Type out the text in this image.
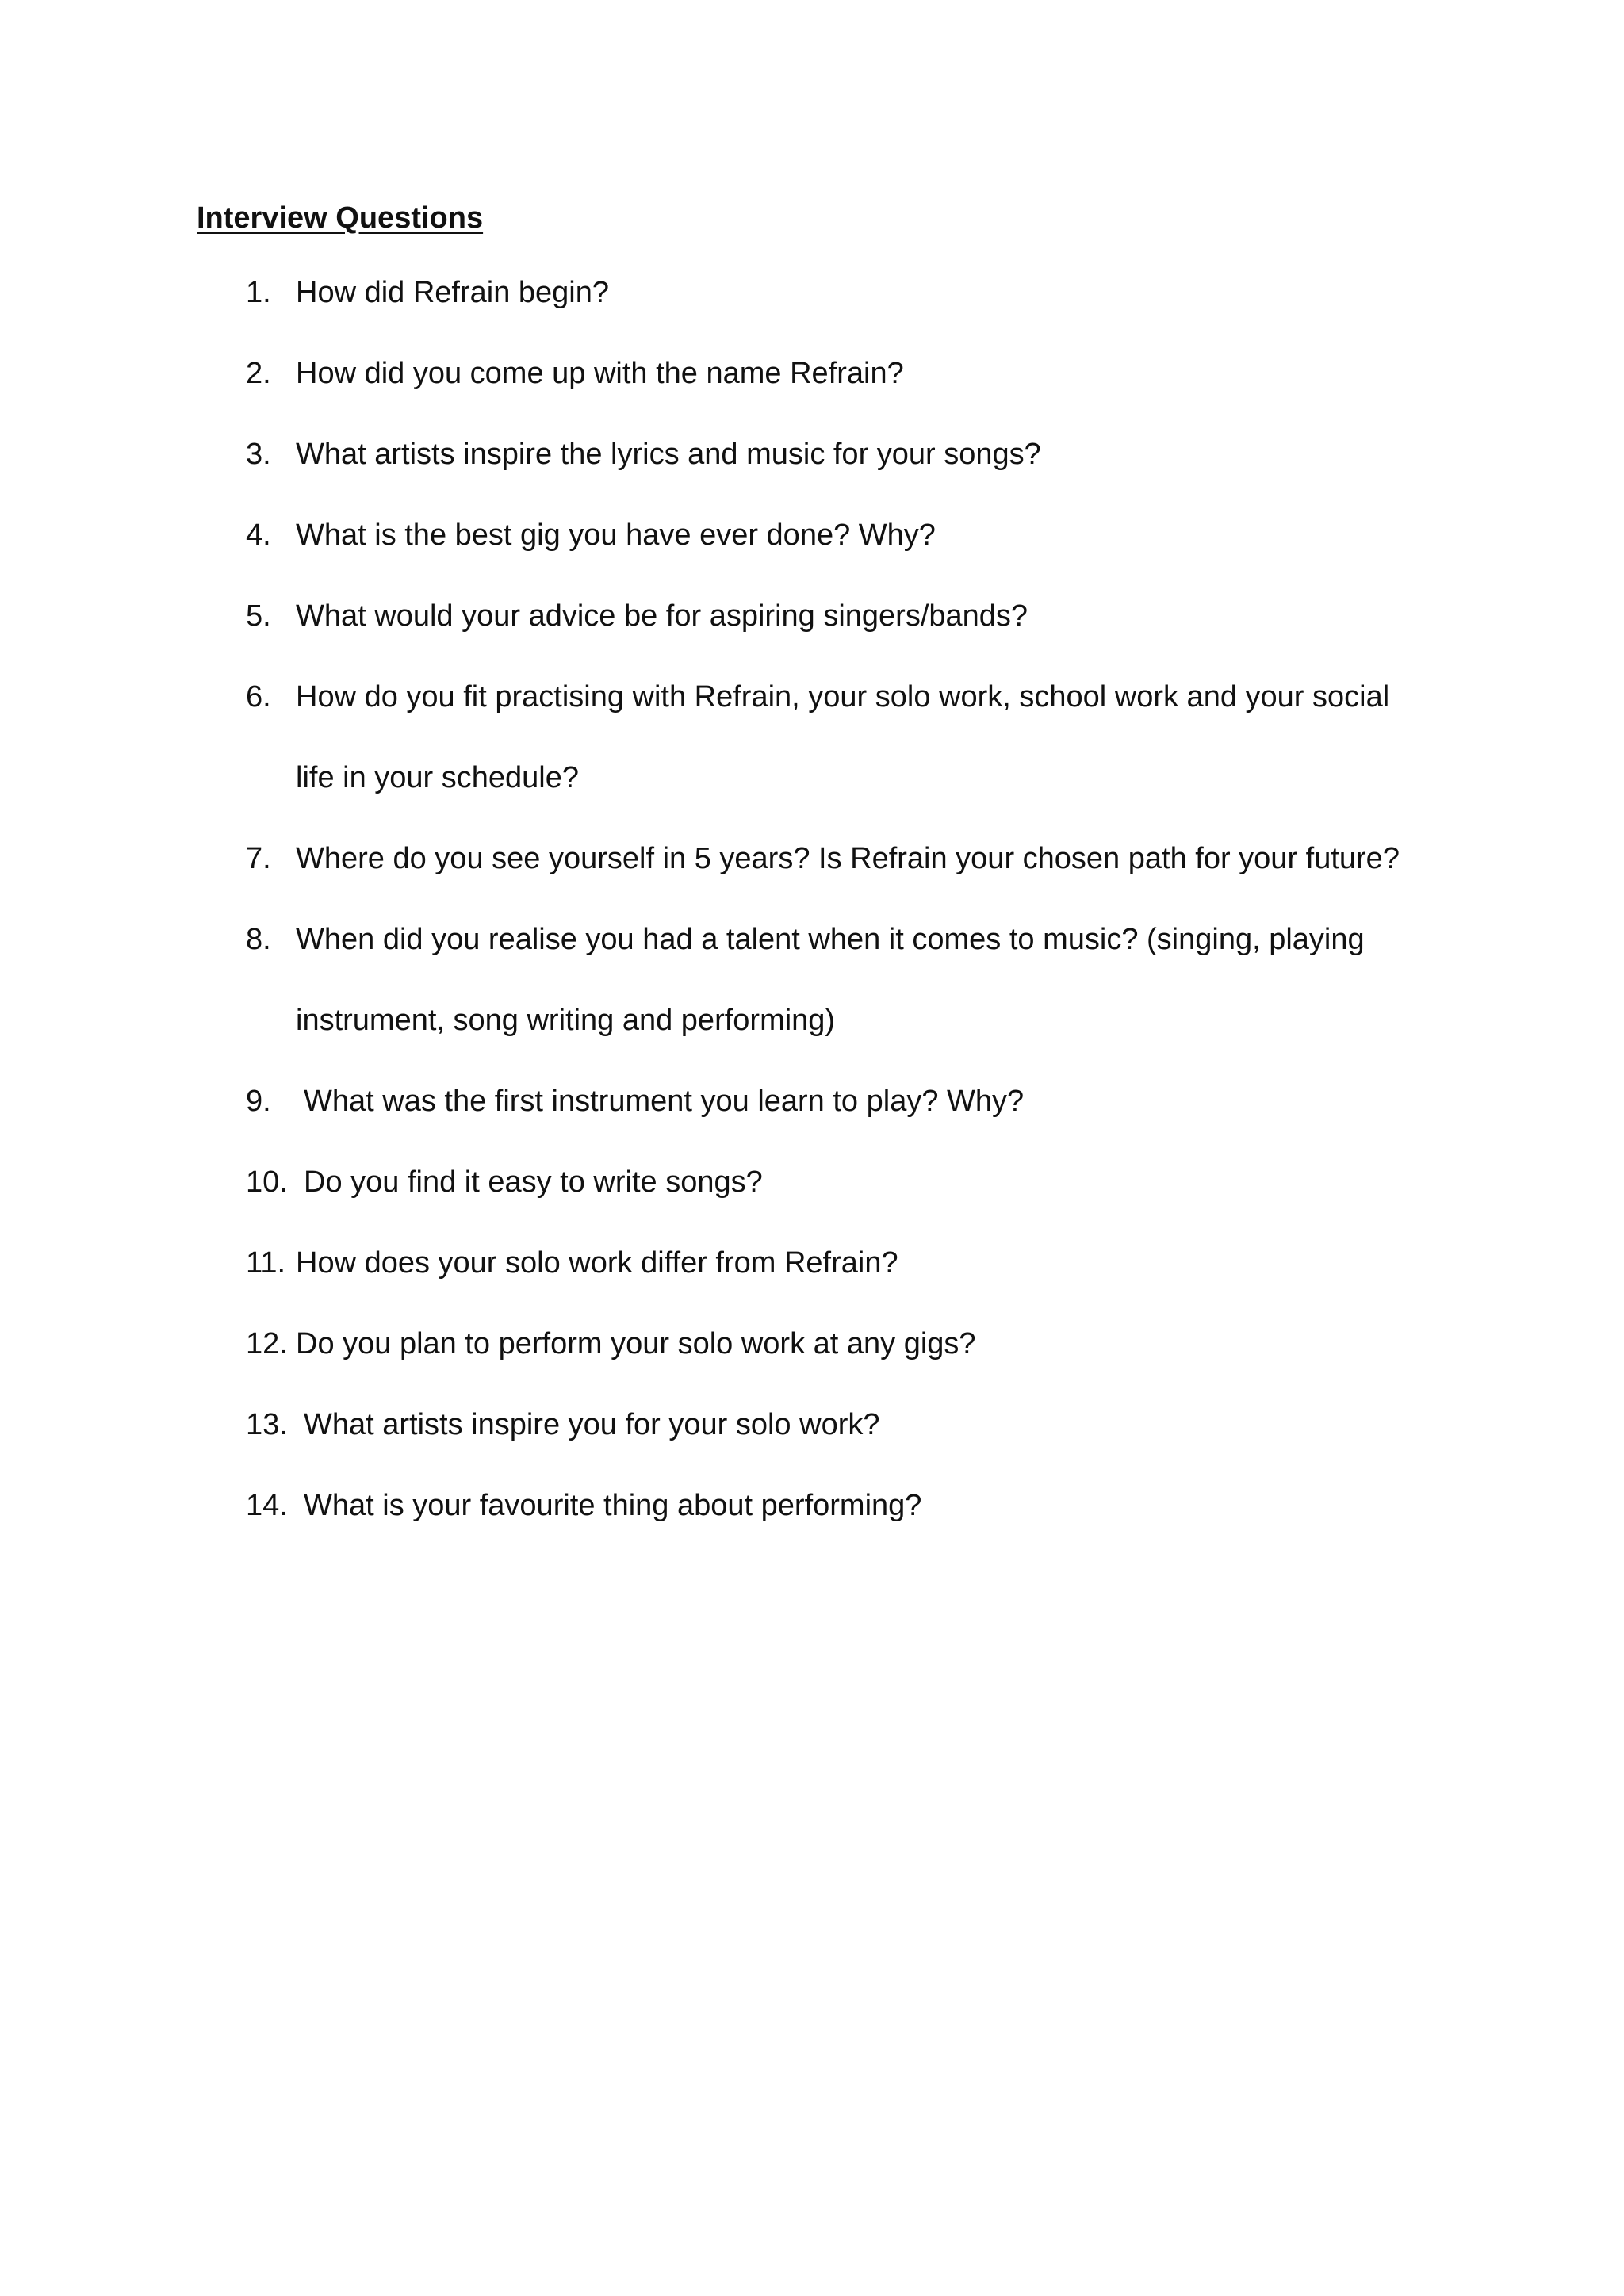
Interview Questions
1. How did Refrain begin?
2. How did you come up with the name Refrain?
3. What artists inspire the lyrics and music for your songs?
4. What is the best gig you have ever done? Why?
5. What would your advice be for aspiring singers/bands?
6. How do you fit practising with Refrain, your solo work, school work and your social
life in your schedule?
7. Where do you see yourself in 5 years? Is Refrain your chosen path for your future?
8. When did you realise you had a talent when it comes to music? (singing, playing
instrument, song writing and performing)
9. What was the first instrument you learn to play? Why?
10. Do you find it easy to write songs?
11. How does your solo work differ from Refrain?
12. Do you plan to perform your solo work at any gigs?
13. What artists inspire you for your solo work?
14. What is your favourite thing about performing?
